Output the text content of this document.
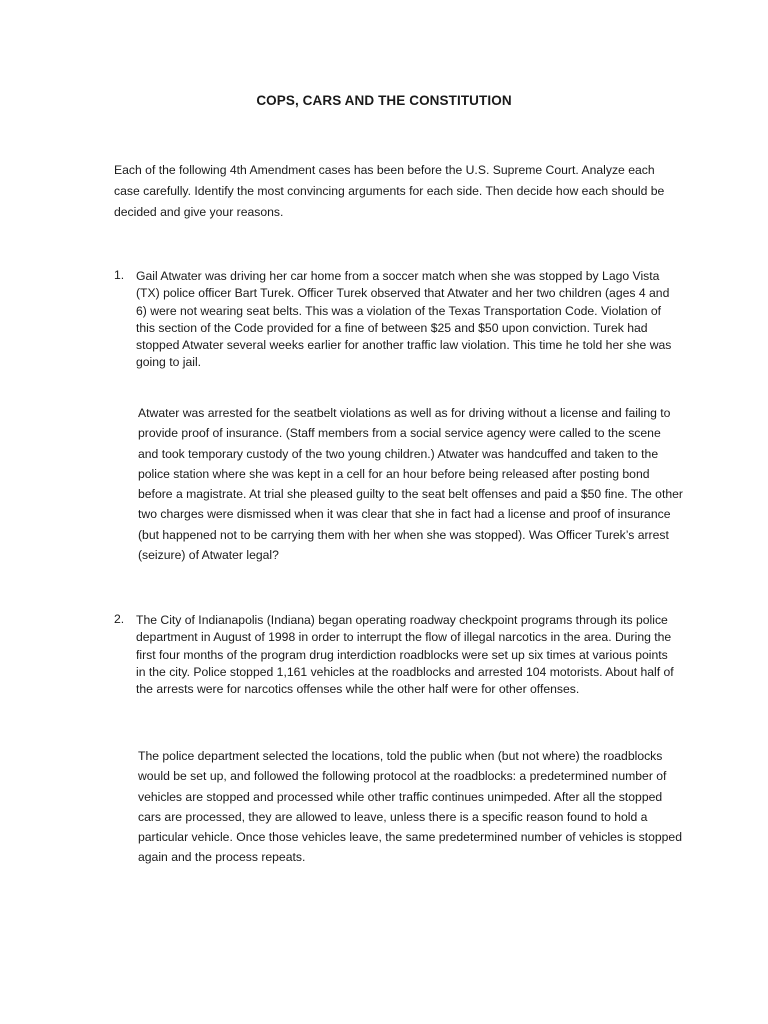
COPS, CARS AND THE CONSTITUTION
Each of the following 4th Amendment cases has been before the U.S. Supreme Court. Analyze each case carefully. Identify the most convincing arguments for each side. Then decide how each should be decided and give your reasons.
1. Gail Atwater was driving her car home from a soccer match when she was stopped by Lago Vista (TX) police officer Bart Turek. Officer Turek observed that Atwater and her two children (ages 4 and 6) were not wearing seat belts. This was a violation of the Texas Transportation Code. Violation of this section of the Code provided for a fine of between $25 and $50 upon conviction. Turek had stopped Atwater several weeks earlier for another traffic law violation. This time he told her she was going to jail.
Atwater was arrested for the seatbelt violations as well as for driving without a license and failing to provide proof of insurance. (Staff members from a social service agency were called to the scene and took temporary custody of the two young children.) Atwater was handcuffed and taken to the police station where she was kept in a cell for an hour before being released after posting bond before a magistrate. At trial she pleased guilty to the seat belt offenses and paid a $50 fine. The other two charges were dismissed when it was clear that she in fact had a license and proof of insurance (but happened not to be carrying them with her when she was stopped). Was Officer Turek’s arrest (seizure) of Atwater legal?
2. The City of Indianapolis (Indiana) began operating roadway checkpoint programs through its police department in August of 1998 in order to interrupt the flow of illegal narcotics in the area. During the first four months of the program drug interdiction roadblocks were set up six times at various points in the city. Police stopped 1,161 vehicles at the roadblocks and arrested 104 motorists. About half of the arrests were for narcotics offenses while the other half were for other offenses.
The police department selected the locations, told the public when (but not where) the roadblocks would be set up, and followed the following protocol at the roadblocks: a predetermined number of vehicles are stopped and processed while other traffic continues unimpeded. After all the stopped cars are processed, they are allowed to leave, unless there is a specific reason found to hold a particular vehicle. Once those vehicles leave, the same predetermined number of vehicles is stopped again and the process repeats.
